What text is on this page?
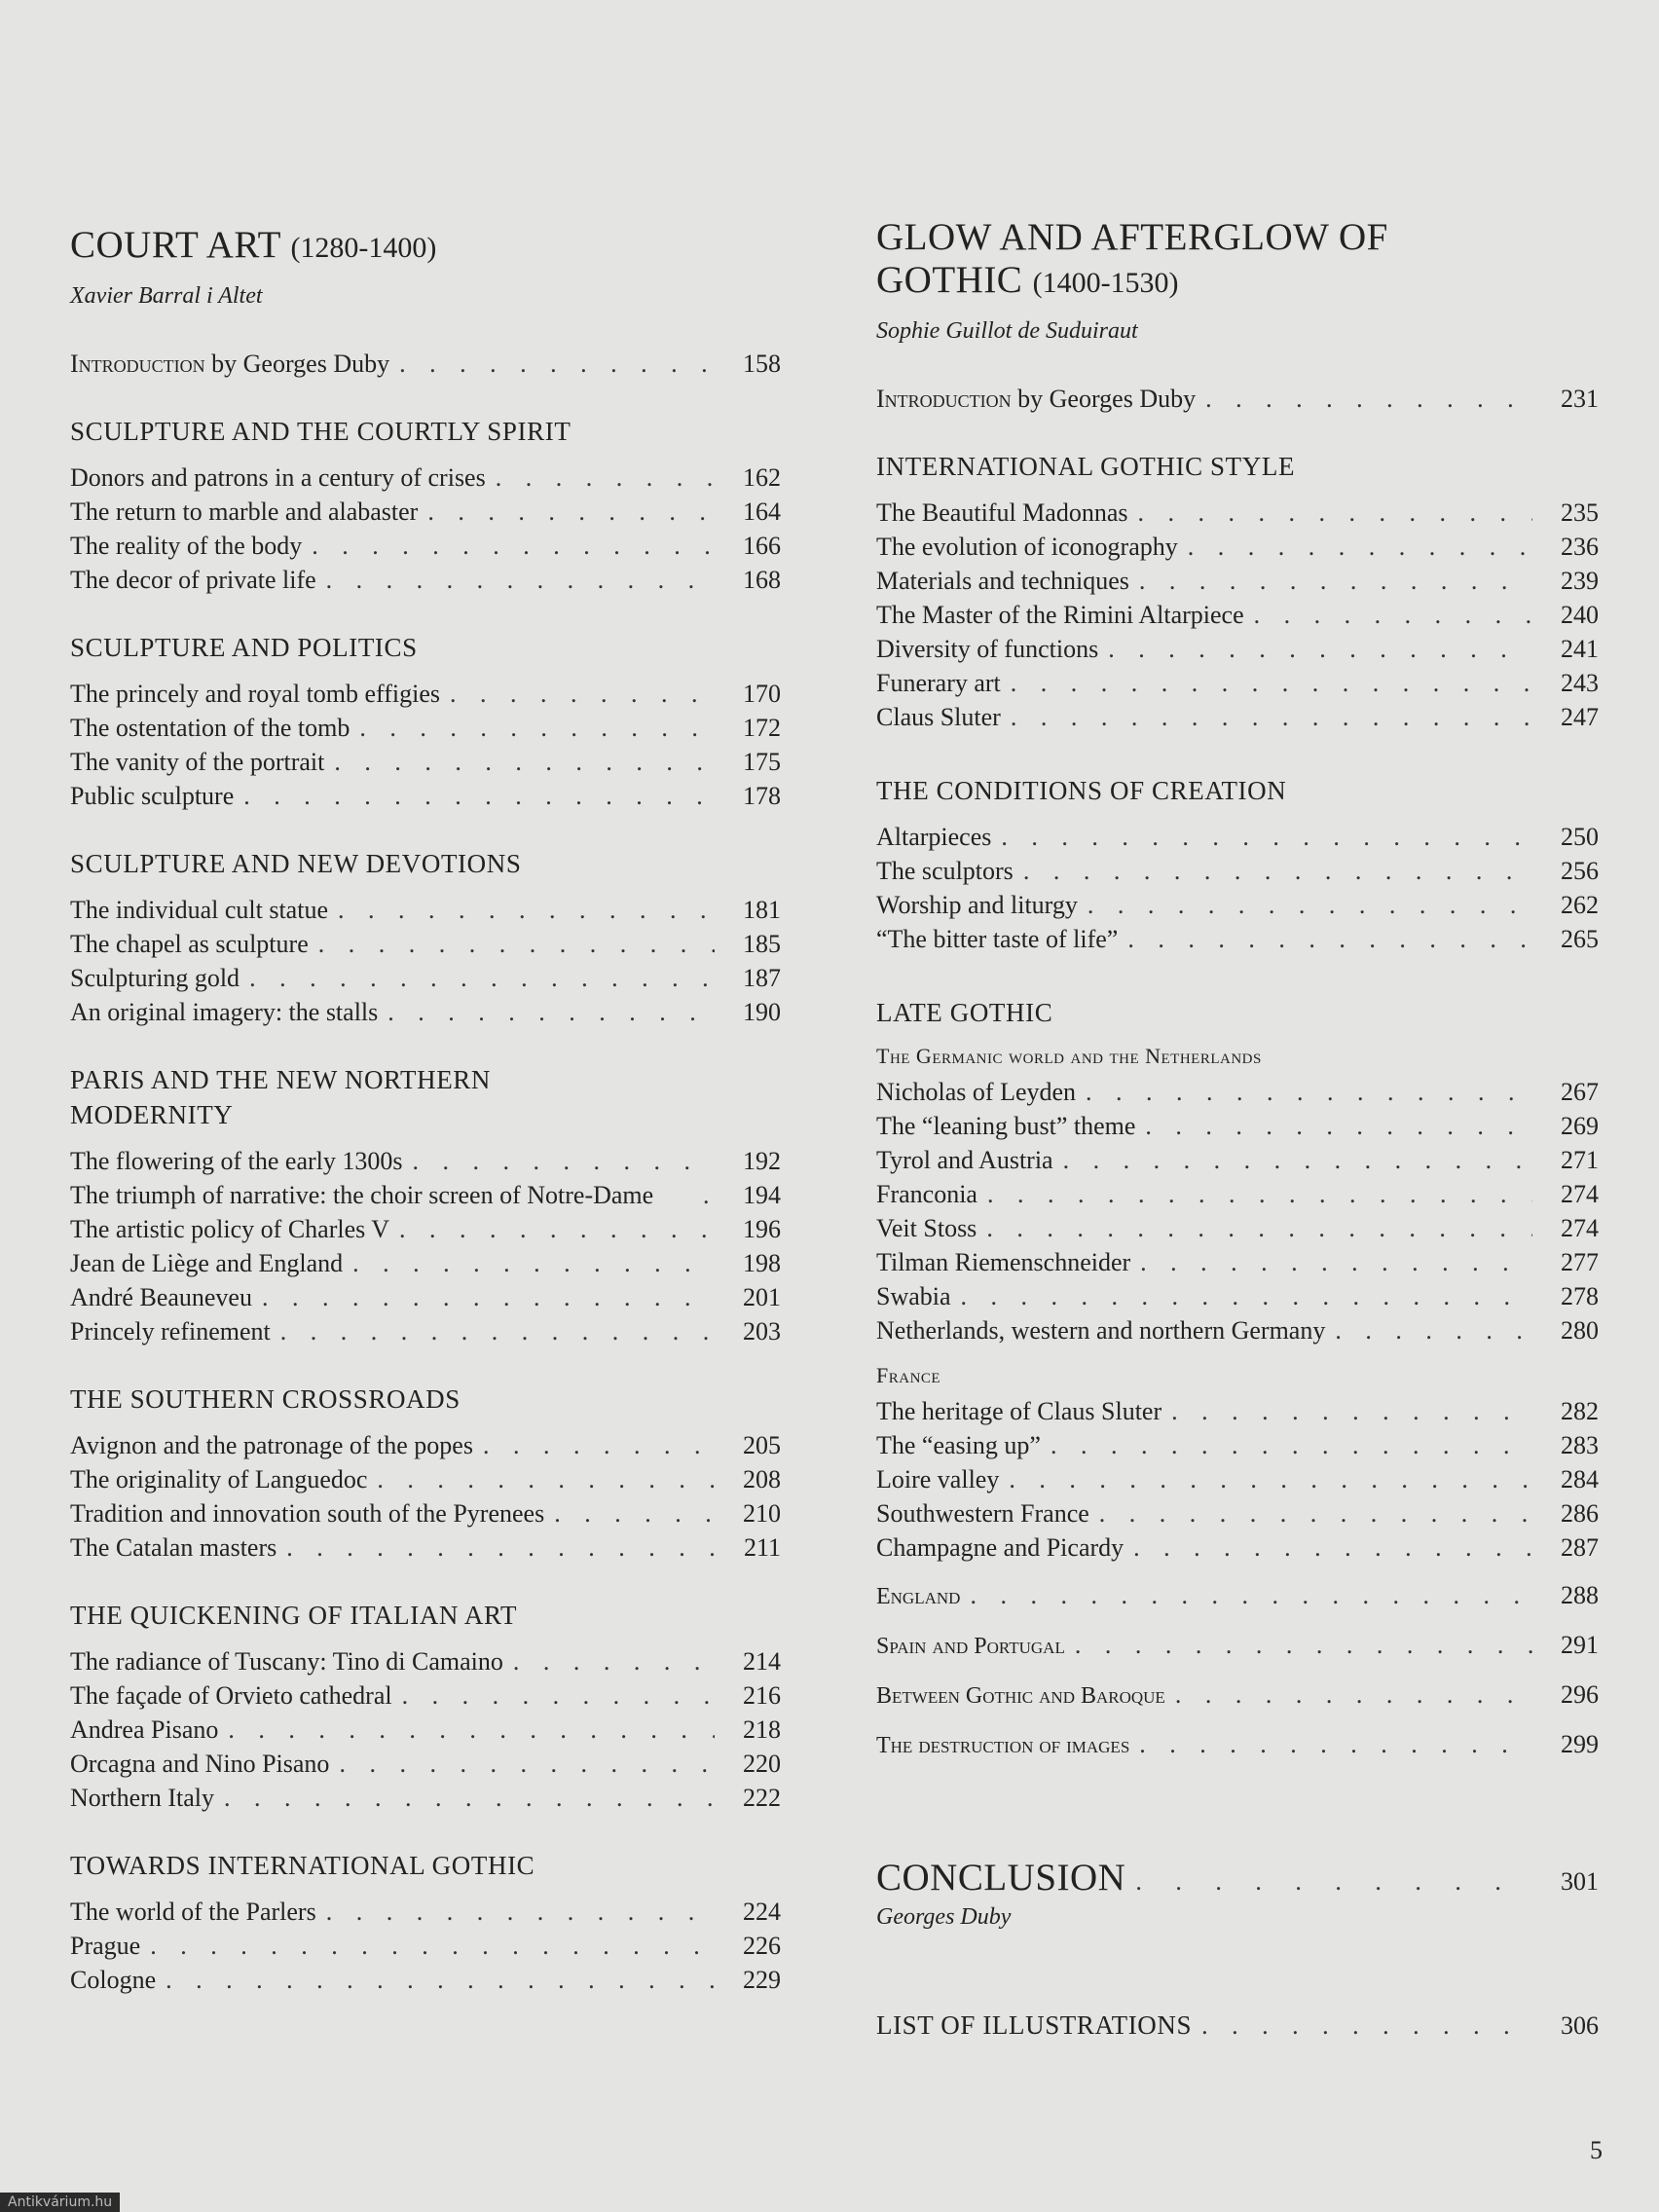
COURT ART (1280-1400)
Xavier Barral i Altet
Introduction by Georges Duby . . .	158
SCULPTURE AND THE COURTLY SPIRIT
Donors and patrons in a century of crises . . .	162
The return to marble and alabaster . . .	164
The reality of the body . . .	166
The decor of private life . . .	168
SCULPTURE AND POLITICS
The princely and royal tomb effigies . . .	170
The ostentation of the tomb . . .	172
The vanity of the portrait . . .	175
Public sculpture . . .	178
SCULPTURE AND NEW DEVOTIONS
The individual cult statue . . .	181
The chapel as sculpture . . .	185
Sculpturing gold . . .	187
An original imagery: the stalls . . .	190
PARIS AND THE NEW NORTHERN MODERNITY
The flowering of the early 1300s . . .	192
The triumph of narrative: the choir screen of Notre-Dame . . .	194
The artistic policy of Charles V . . .	196
Jean de Liège and England . . .	198
André Beauneveu . . .	201
Princely refinement . . .	203
THE SOUTHERN CROSSROADS
Avignon and the patronage of the popes . . .	205
The originality of Languedoc . . .	208
Tradition and innovation south of the Pyrenees . . .	210
The Catalan masters . . .	211
THE QUICKENING OF ITALIAN ART
The radiance of Tuscany: Tino di Camaino . . .	214
The façade of Orvieto cathedral . . .	216
Andrea Pisano . . .	218
Orcagna and Nino Pisano . . .	220
Northern Italy . . .	222
TOWARDS INTERNATIONAL GOTHIC
The world of the Parlers . . .	224
Prague . . .	226
Cologne . . .	229
GLOW AND AFTERGLOW OF
GOTHIC (1400-1530)
Sophie Guillot de Suduiraut
Introduction by Georges Duby . . .	231
INTERNATIONAL GOTHIC STYLE
The Beautiful Madonnas . . .	235
The evolution of iconography . . .	236
Materials and techniques . . .	239
The Master of the Rimini Altarpiece . . .	240
Diversity of functions . . .	241
Funerary art . . .	243
Claus Sluter . . .	247
THE CONDITIONS OF CREATION
Altarpieces . . .	250
The sculptors . . .	256
Worship and liturgy . . .	262
“The bitter taste of life” . . .	265
LATE GOTHIC
The Germanic world and the Netherlands
Nicholas of Leyden . . .	267
The “leaning bust” theme . . .	269
Tyrol and Austria . . .	271
Franconia . . .	274
Veit Stoss . . .	274
Tilman Riemenschneider . . .	277
Swabia . . .	278
Netherlands, western and northern Germany . . .	280
France
The heritage of Claus Sluter . . .	282
The “easing up” . . .	283
Loire valley . . .	284
Southwestern France . . .	286
Champagne and Picardy . . .	287
England . . .	288
Spain and Portugal . . .	291
Between Gothic and Baroque . . .	296
The destruction of images . . .	299
CONCLUSION . . .	301
Georges Duby
LIST OF ILLUSTRATIONS . . .	306
5
Antikvárium.hu
